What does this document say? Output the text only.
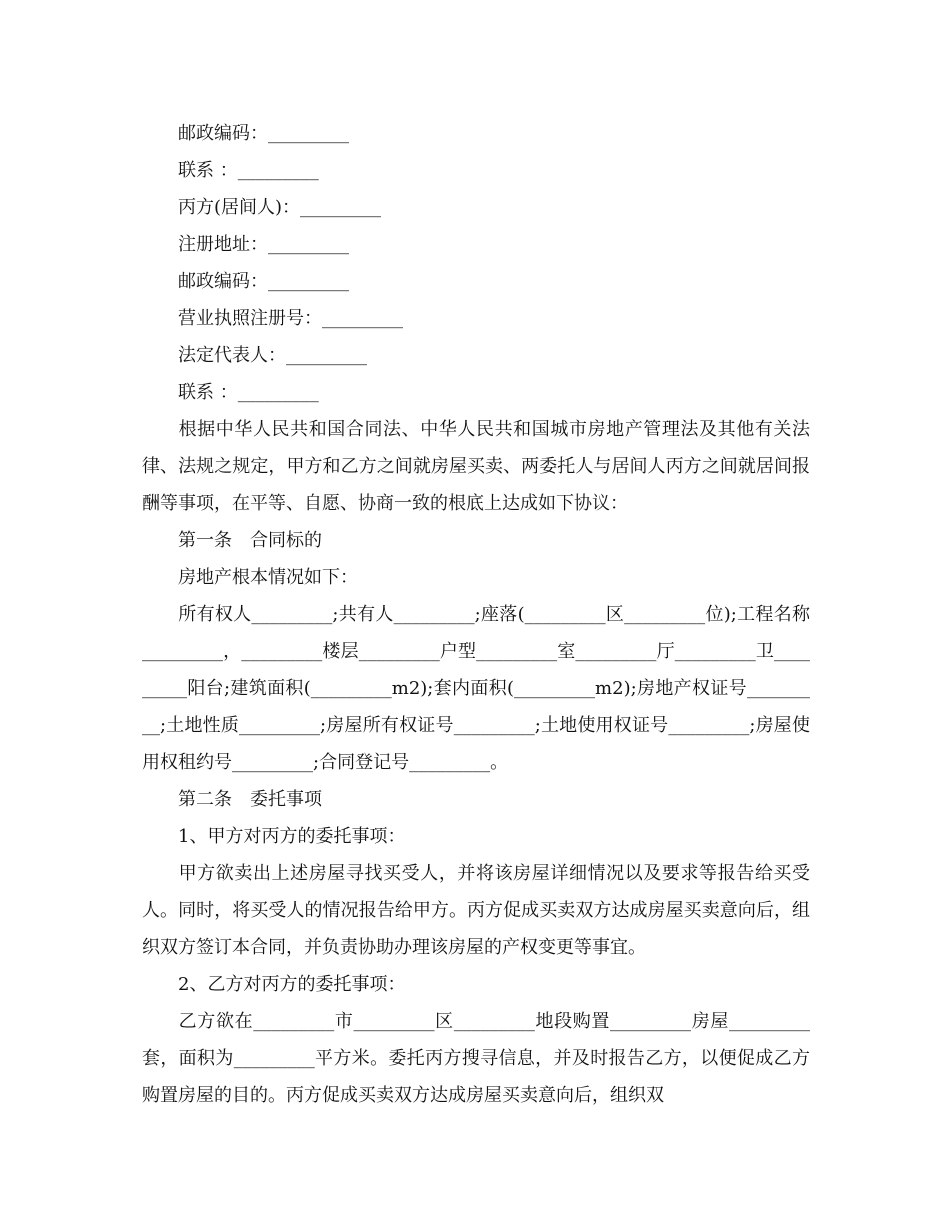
邮政编码：_________
联系 ：_________
丙方(居间人)：_________
注册地址：_________
邮政编码：_________
营业执照注册号：_________
法定代表人：_________
联系 ：_________

根据中华人民共和国合同法、中华人民共和国城市房地产管理法及其他有关法律、法规之规定，甲方和乙方之间就房屋买卖、两委托人与居间人丙方之间就居间报酬等事项，在平等、自愿、协商一致的根底上达成如下协议：

第一条　合同标的
房地产根本情况如下：

所有权人_________;共有人_________;座落(_________区_________位);工程名称_________，_________楼层_________户型_________室_________厅_________卫_________阳台;建筑面积(_________m2);套内面积(_________m2);房地产权证号_________;土地性质_________;房屋所有权证号_________;土地使用权证号_________;房屋使用权租约号_________;合同登记号_________。

第二条　委托事项
1、甲方对丙方的委托事项：

甲方欲卖出上述房屋寻找买受人，并将该房屋详细情况以及要求等报告给买受人。同时，将买受人的情况报告给甲方。丙方促成买卖双方达成房屋买卖意向后，组织双方签订本合同，并负责协助办理该房屋的产权变更等事宜。

2、乙方对丙方的委托事项：

乙方欲在_________市_________区_________地段购置_________房屋_________套，面积为_________平方米。委托丙方搜寻信息，并及时报告乙方，以便促成乙方购置房屋的目的。丙方促成买卖双方达成房屋买卖意向后，组织双
